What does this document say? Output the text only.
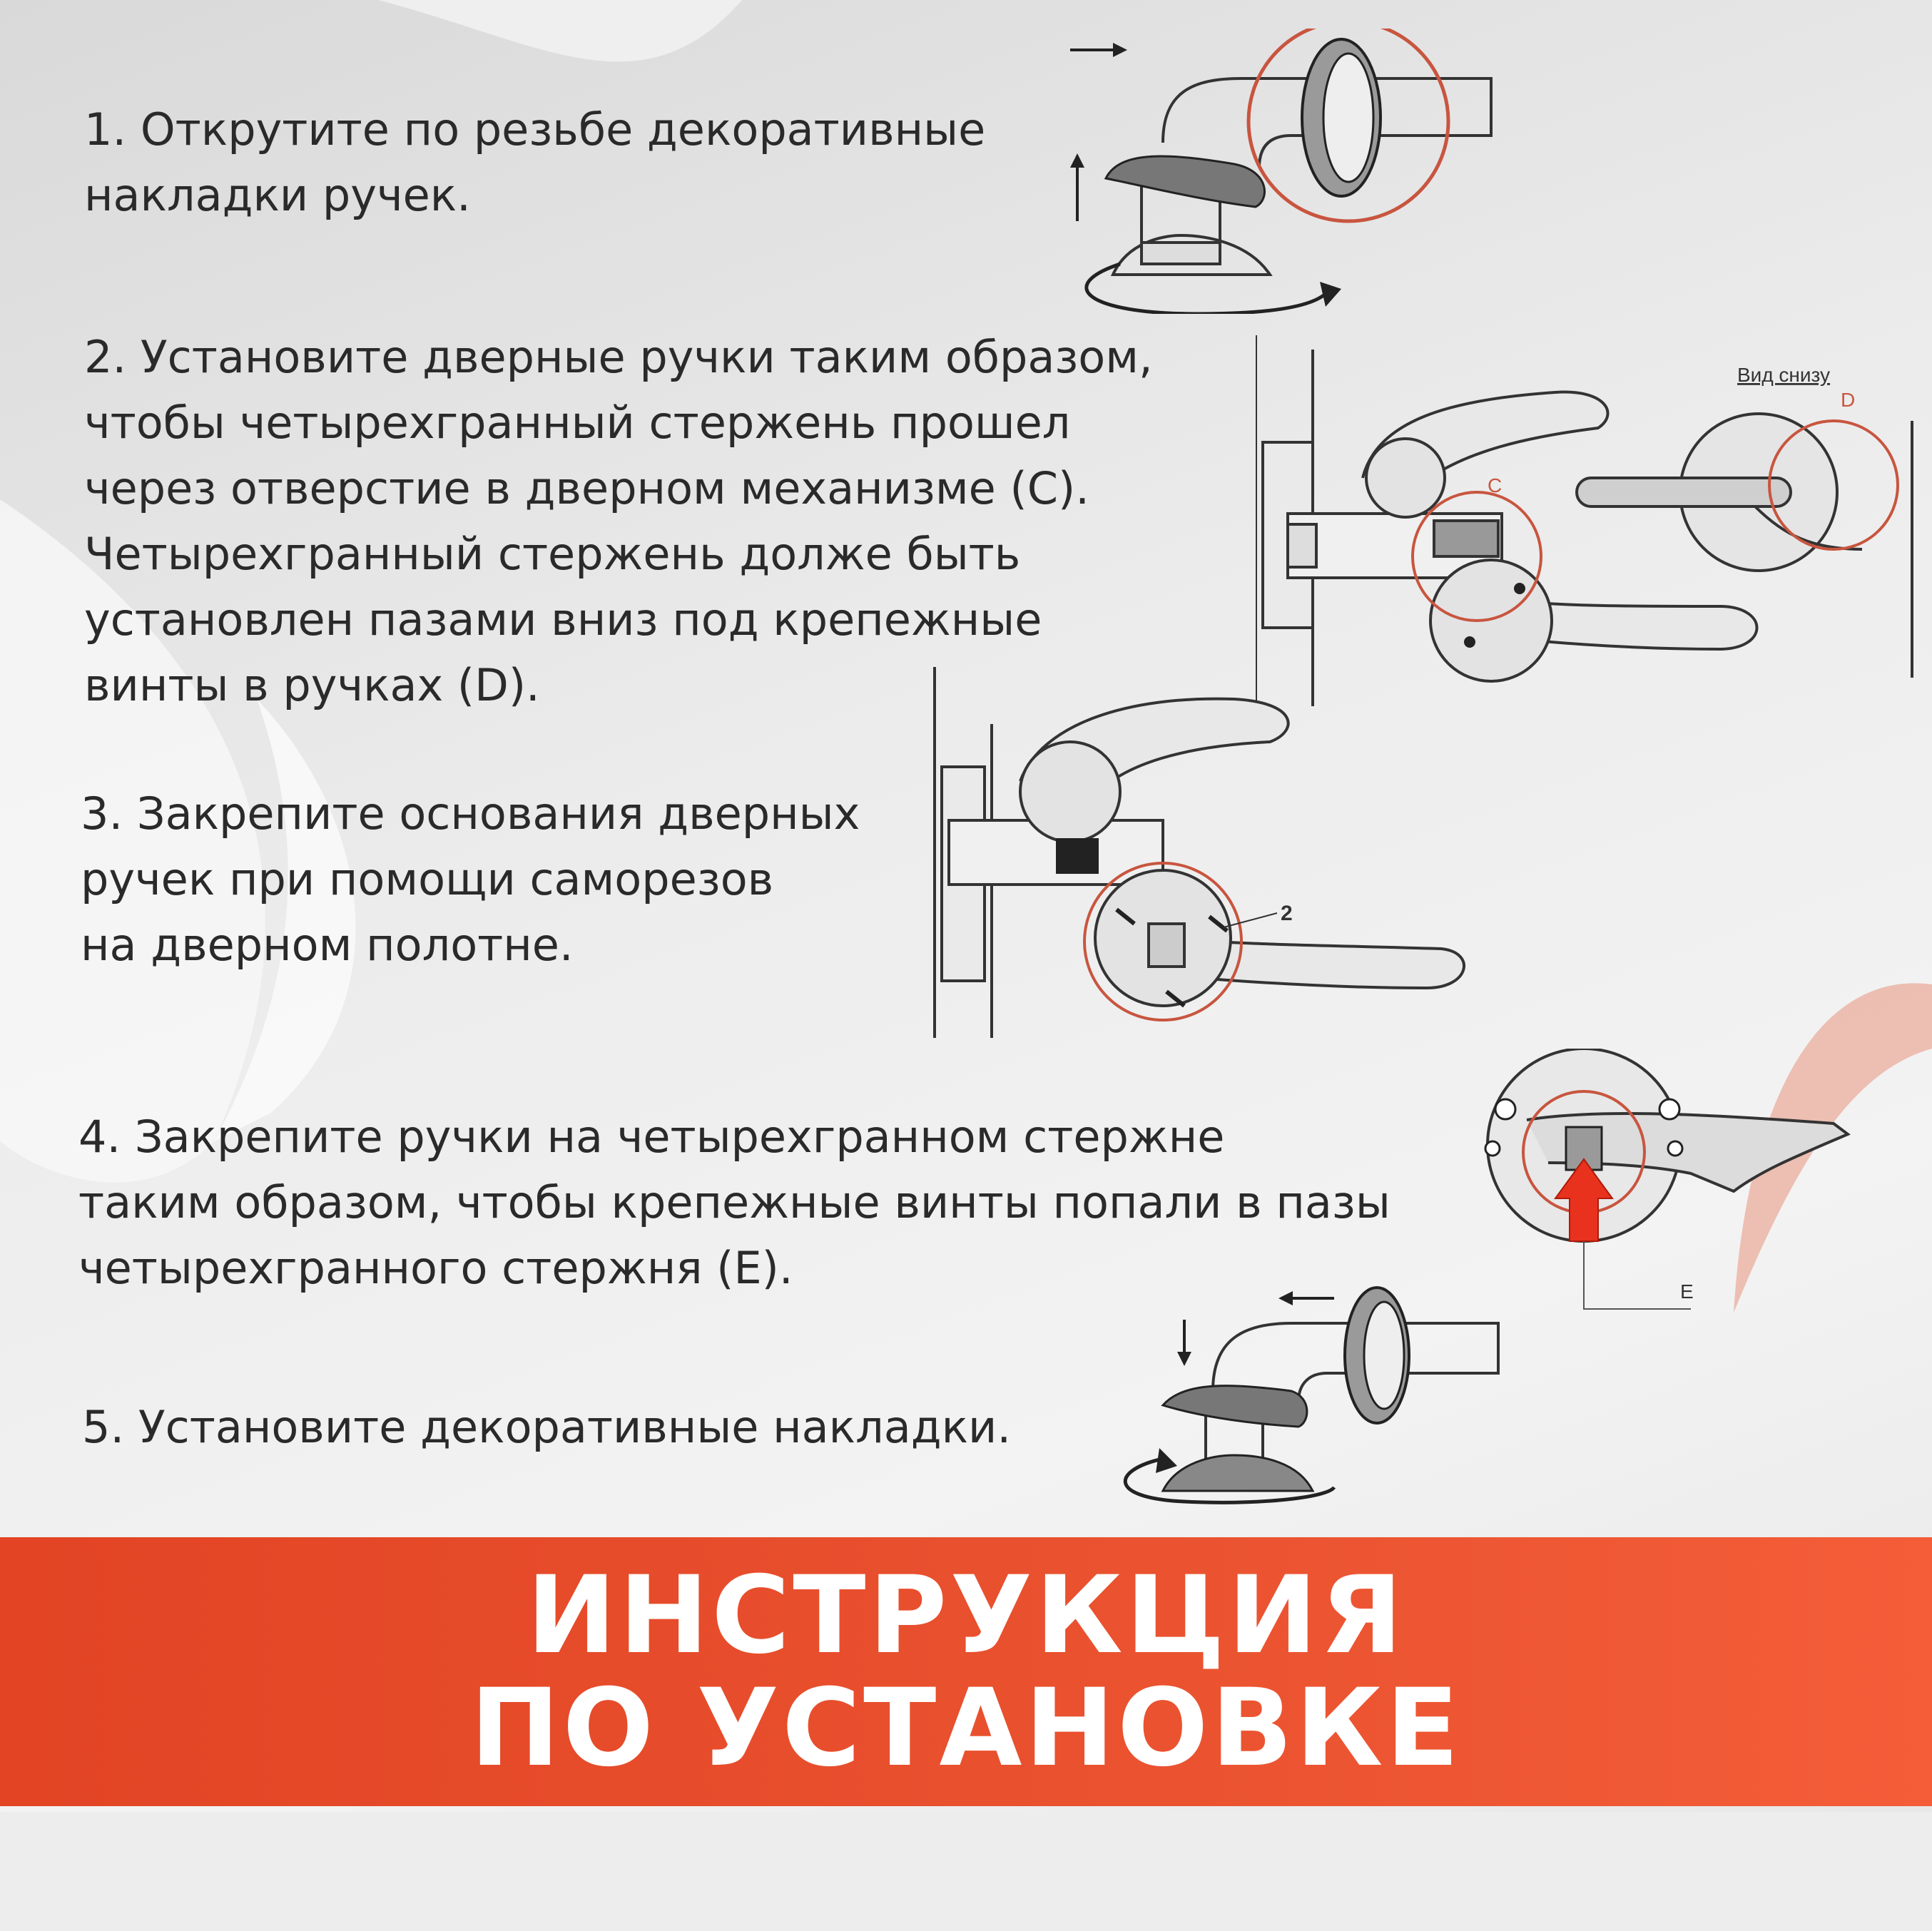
1. Открутите по резьбе декоративные
накладки ручек.
2. Установите дверные ручки таким образом,
чтобы четырехгранный стержень прошел
через отверстие в дверном механизме (С).
Четырехгранный стержень долже быть
установлен пазами вниз под крепежные
винты в ручках (D).
3. Закрепите основания дверных
ручек при помощи саморезов
на дверном полотне.
4. Закрепите ручки на четырехгранном стержне
таким образом, чтобы крепежные винты попали в пазы
четырехгранного стержня (Е).
5. Установите декоративные накладки.
C
Вид снизу
D
2
E
ИНСТРУКЦИЯ
ПО УСТАНОВКЕ
